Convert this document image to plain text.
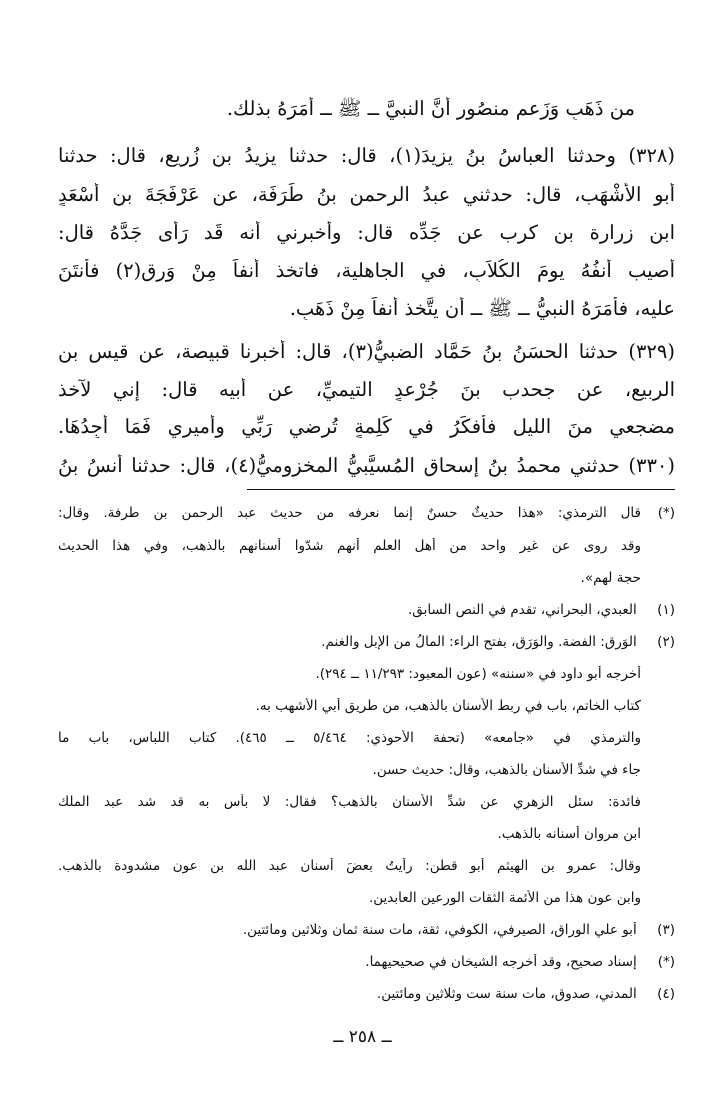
من ذَهَبٍ وَزَعم منصُور أنَّ النبيَّ ــ ﷺ ــ أمَرَهُ بذلك.
(٣٢٨) وحدثنا العباسُ بنُ يزيدَ(١)، قال: حدثنا يزيدُ بن زُريع، قال: حدثنا
أبو الأشْهَب، قال: حدثني عبدُ الرحمن بنُ طَرَفَة، عن عَرْفَجَةَ بن أسْعَدٍ
ابن زرارة بن كرب عن جَدِّه قال: وأخبرني أنه قَد رَأى جَدَّهُ قال:
أُصيب أنفُهُ يومَ الكُلاَبِ، في الجاهلية، فاتخذ أنفاً مِنْ وَرِقٍ(٢) فأنتَنَ
عليه، فأمَرَهُ النبيُّ ــ ﷺ ــ أن يتَّخذ أنفاً مِنْ ذَهَبٍ.
(٣٢٩) حدثنا الحسَنُ بنُ حَمَّاد الضبيُّ(٣)، قال: أخبرنا قبيصة، عن قيسِ بن
الربيع، عن جحدب بنَ جُرْعدٍ التيميِّ، عن أبيه قال: إني لآخذ
مضجعي منَ الليل فأفكِّرُ في كَلِمةٍ تُرضي رَبِّي وأميري فَمَا أجِدُهَا.
(٣٣٠) حدثني محمدُ بنُ إسحاق المُسيَّبيُّ المخزوميُّ(٤)، قال: حدثنا أنسُ بنُ
(*)قال الترمذي: «هذا حديثٌ حسنٌ إنما نعرفه من حديث عبد الرحمن بن طرفة. وقال:
وقد روى عن غير واحد من أهل العلم أنهم شدّوا أسنانهم بالذهب، وفي هذا الحديث
حجة لهم».
(١) العبدي، البحراني، تقدم في النص السابق.
(٢) الوَرِق: الفضة. والوَرَق، بفتح الراء: المالُ من الإبل والغنم.
أخرجه أبو داود في «سننه» (عون المعبود: ١١/٢٩٣ ــ ٢٩٤).
كتاب الخاتم، باب في ربط الأسنان بالذهب، من طريق أبي الأشهب به.
والترمذي في «جامعه» (تحفة الأحوذي: ٥/٤٦٤ ــ ٤٦٥). كتاب اللباس، باب ما
جاء في شدِّ الأسنان بالذهب، وقال: حديث حسن.
فائدة: سئل الزهري عن شدِّ الأسنان بالذهب؟ فقال: لا بأس به قد شد عبد الملك
ابن مروان أسنانه بالذهب.
وقال: عمرو بن الهيثم أبو قطن: رأيتُ بعضَ أسنان عبد الله بن عون مشدودة بالذهب.
وابن عون هذا من الأئمة الثقات الورعين العابدين.
(٣) أبو علي الوراق، الصيرفي، الكوفي، ثقة، مات سنة ثمان وثلاثين ومائتين.
(*) إسناد صحيح، وقد أخرجه الشيخان في صحيحيهما.
(٤) المدني، صدوق، مات سنة ست وثلاثين ومائتين.
ــ ٢٥٨ ــ
